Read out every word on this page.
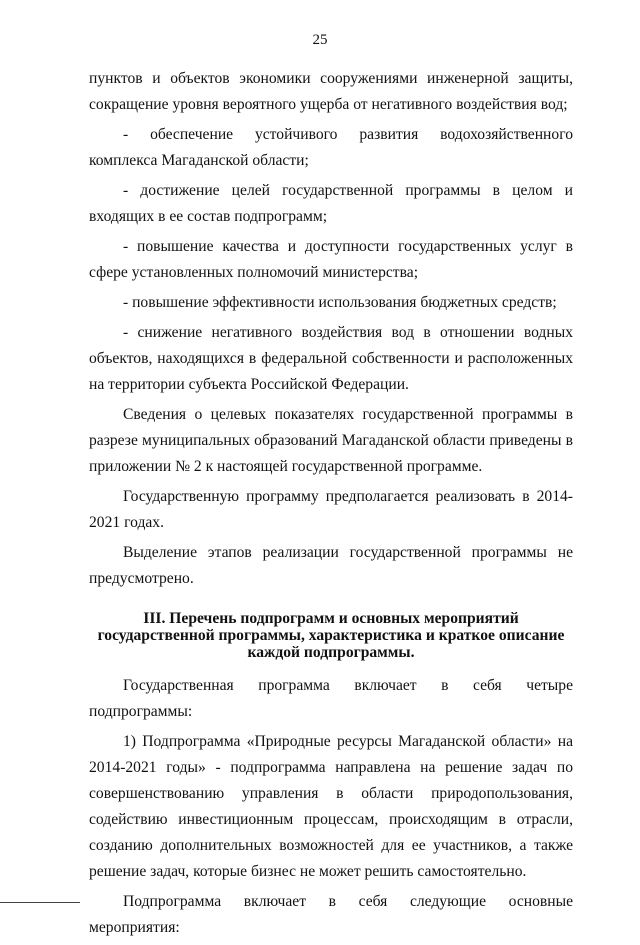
25

пунктов и объектов экономики сооружениями инженерной защиты, сокращение уровня вероятного ущерба от негативного воздействия вод;

- обеспечение устойчивого развития водохозяйственного комплекса Магаданской области;

- достижение целей государственной программы в целом и входящих в ее состав подпрограмм;

- повышение качества и доступности государственных услуг в сфере установленных полномочий министерства;

- повышение эффективности использования бюджетных средств;

- снижение негативного воздействия вод в отношении водных объектов, находящихся в федеральной собственности и расположенных на территории субъекта Российской Федерации.

Сведения о целевых показателях государственной программы в разрезе муниципальных образований Магаданской области приведены в приложении № 2 к настоящей государственной программе.

Государственную программу предполагается реализовать в 2014-2021 годах.

Выделение этапов реализации государственной программы не предусмотрено.

III. Перечень подпрограмм и основных мероприятий государственной программы, характеристика и краткое описание каждой подпрограммы.

Государственная программа включает в себя четыре подпрограммы:

1) Подпрограмма «Природные ресурсы Магаданской области» на 2014-2021 годы» - подпрограмма направлена на решение задач по совершенствованию управления в области природопользования, содействию инвестиционным процессам, происходящим в отрасли, созданию дополнительных возможностей для ее участников, а также решение задач, которые бизнес не может решить самостоятельно.

Подпрограмма включает в себя следующие основные мероприятия:
